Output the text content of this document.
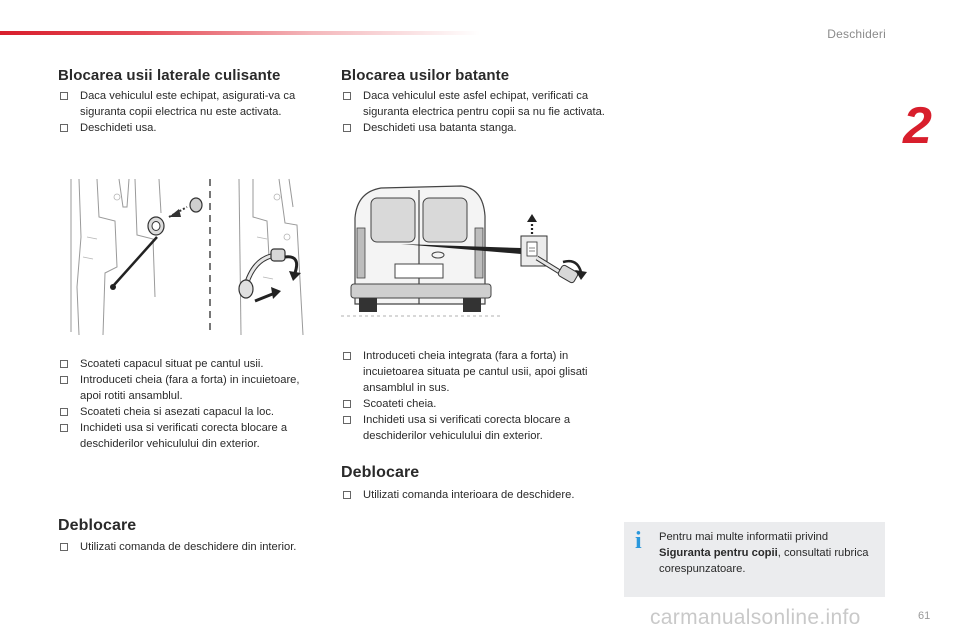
Deschideri
2
Blocarea usii laterale culisante
Daca vehiculul este echipat, asigurati-va ca siguranta copii electrica nu este activata.
Deschideti usa.
Scoateti capacul situat pe cantul usii.
Introduceti cheia (fara a forta) in incuietoare, apoi rotiti ansamblul.
Scoateti cheia si asezati capacul la loc.
Inchideti usa si verificati corecta blocare a deschiderilor vehiculului din exterior.
Deblocare
Utilizati comanda de deschidere din interior.
Blocarea usilor batante
Daca vehiculul este asfel echipat, verificati ca siguranta electrica pentru copii sa nu fie activata.
Deschideti usa batanta stanga.
Introduceti cheia integrata (fara a forta) in incuietoarea situata pe cantul usii, apoi glisati ansamblul in sus.
Scoateti cheia.
Inchideti usa si verificati corecta blocare a deschiderilor vehiculului din exterior.
Deblocare
Utilizati comanda interioara de deschidere.
i Pentru mai multe informatii privind Siguranta pentru copii, consultati rubrica corespunzatoare.
carmanualsonline.info	61
